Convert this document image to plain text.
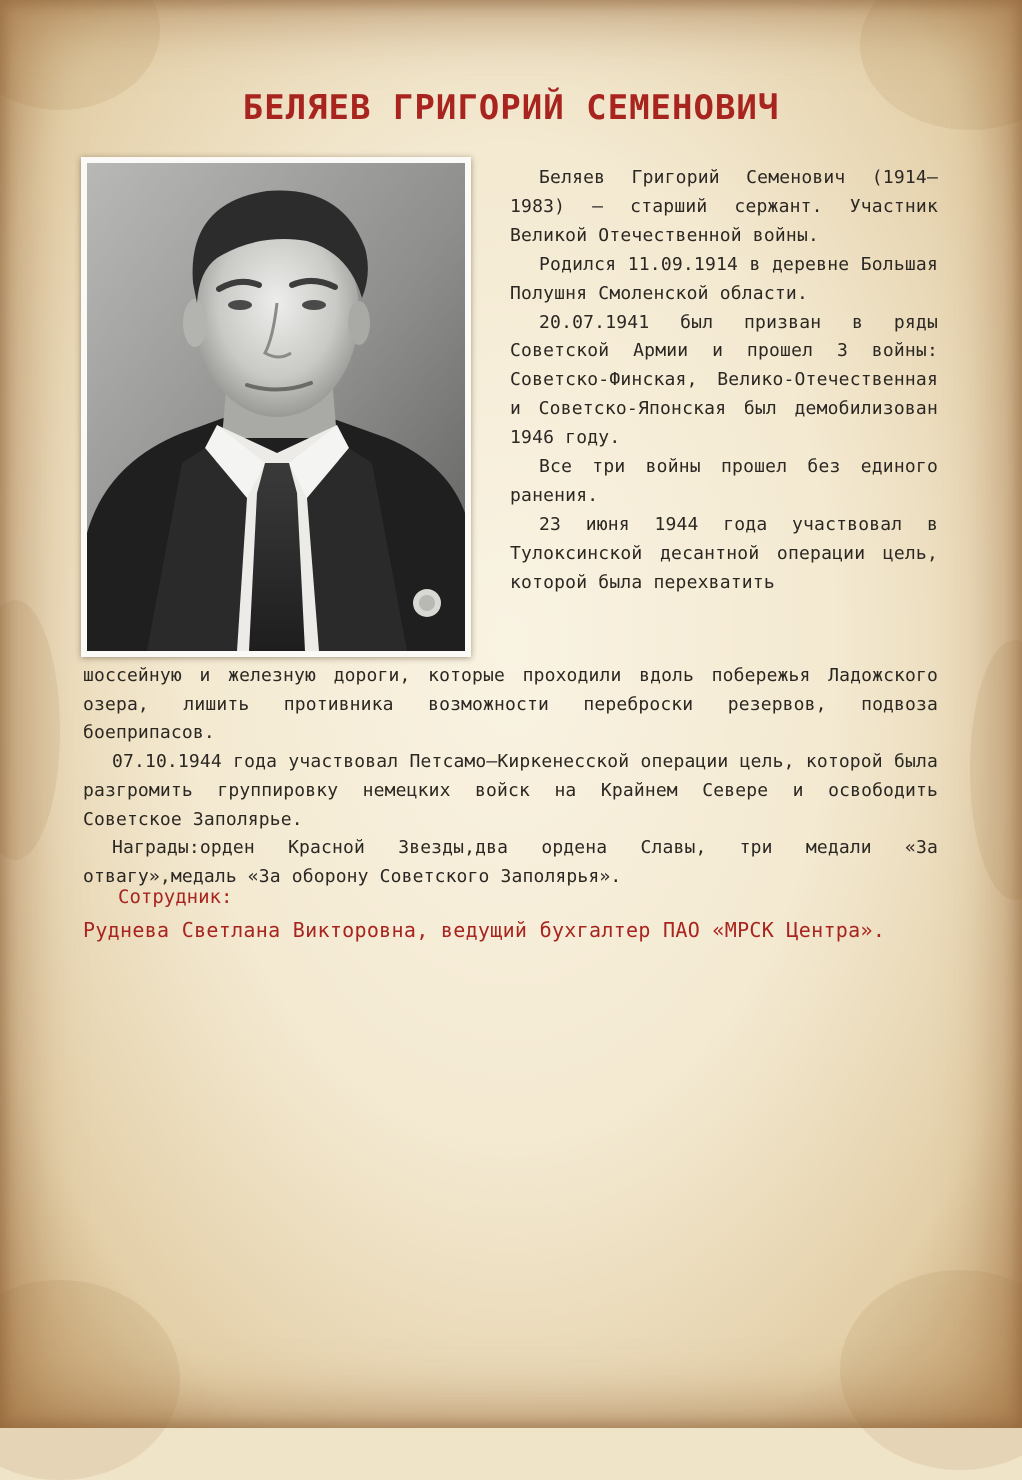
БЕЛЯЕВ ГРИГОРИЙ СЕМЕНОВИЧ

Беляев Григорий Семенович (1914–1983) — старший сержант. Участник Великой Отечественной войны.

Родился 11.09.1914 в деревне Большая Полушня Смоленской области.

20.07.1941 был призван в ряды Советской Армии и прошел 3 войны: Советско-Финская, Велико-Отечественная и Советско-Японская был демобилизован 1946 году.

Все три войны прошел без единого ранения.

23 июня 1944 года участвовал в Тулоксинской десантной операции цель, которой была перехватить

шоссейную и железную дороги, которые проходили вдоль побережья Ладожского озера, лишить противника возможности переброски резервов, подвоза боеприпасов.

07.10.1944 года участвовал Петсамо–Киркенесской операции цель, которой была разгромить группировку немецких войск на Крайнем Севере и освободить Советское Заполярье.

Награды:орден Красной Звезды,два ордена Славы, три медали «За отвагу»,медаль «За оборону Советского Заполярья».

Сотрудник:

Руднева Светлана Викторовна, ведущий бухгалтер ПАО «МРСК Центра».
